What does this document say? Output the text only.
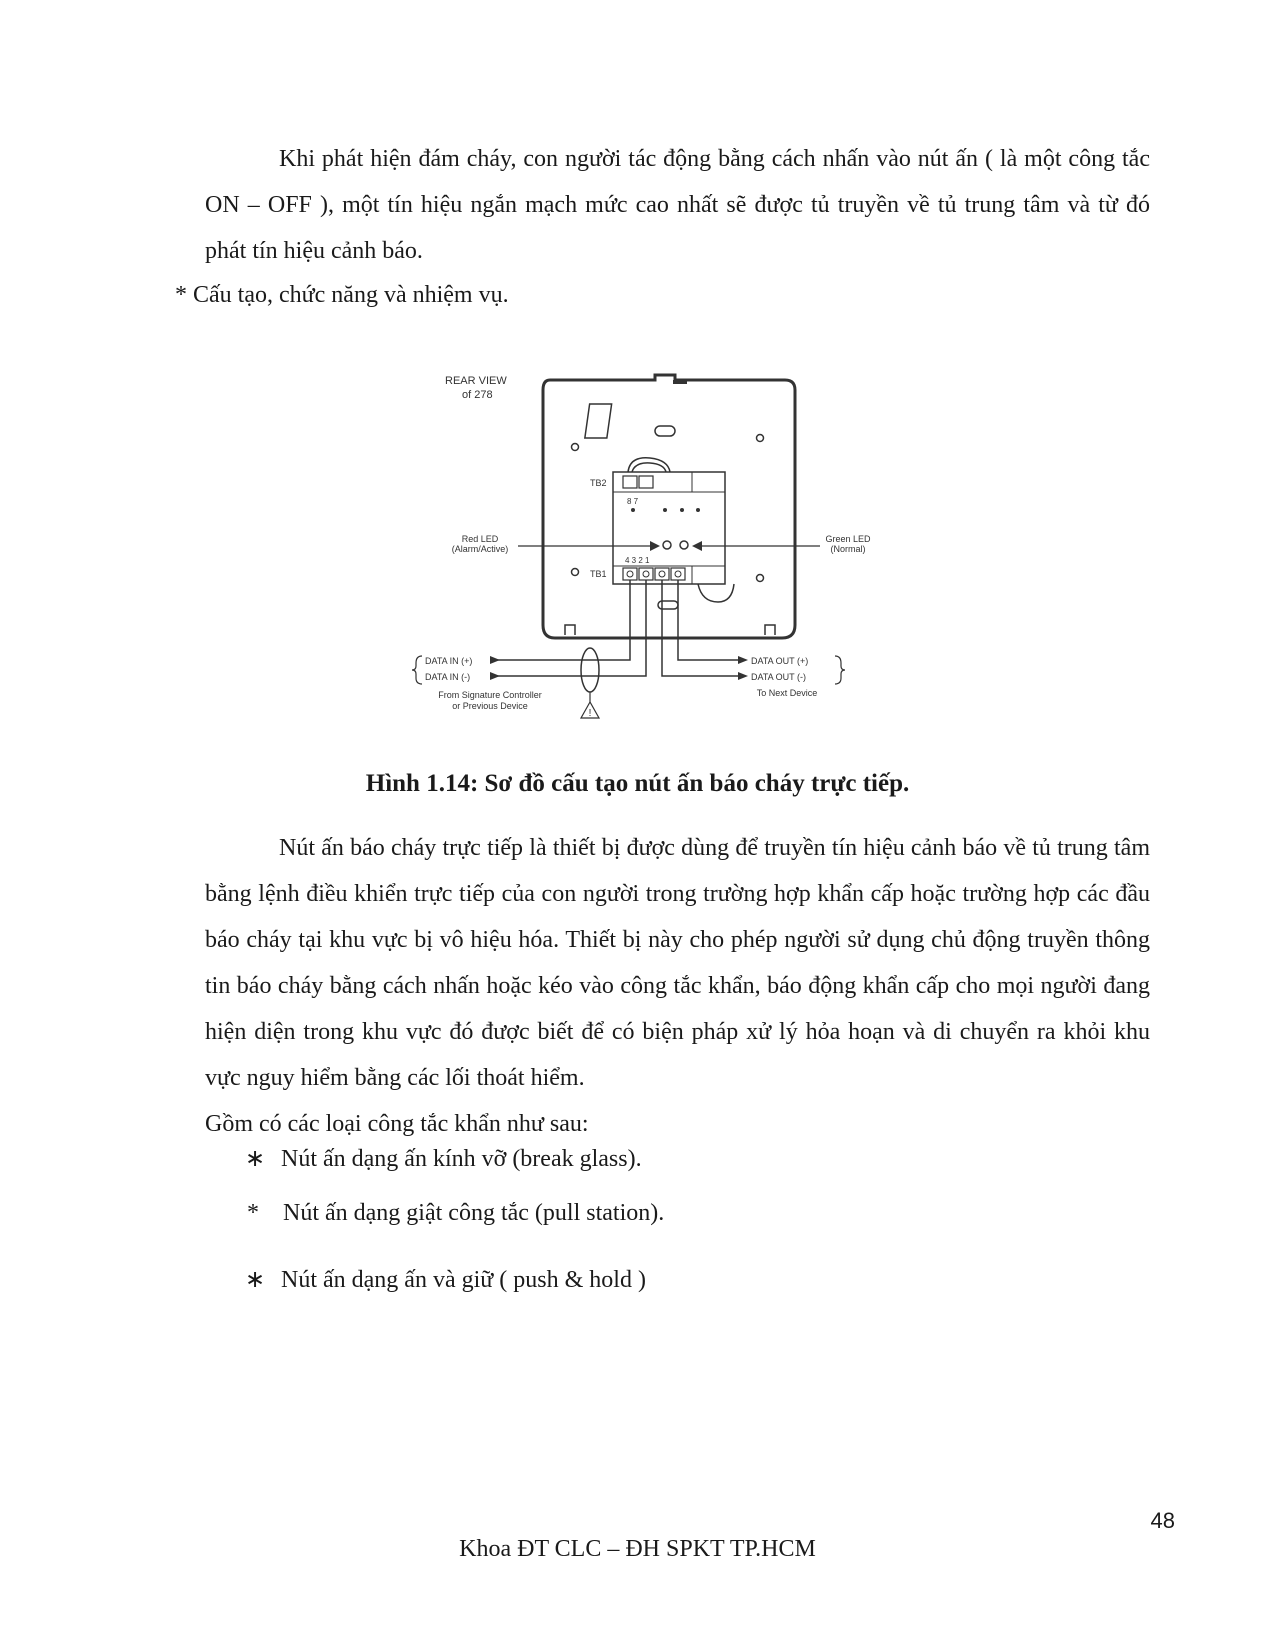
Khi phát hiện đám cháy, con người tác động bằng cách nhấn vào nút ấn ( là một công tắc ON – OFF ), một tín hiệu ngắn mạch mức cao nhất sẽ được tủ truyền về tủ trung tâm và từ đó phát tín hiệu cảnh báo.
* Cấu tạo, chức năng và nhiệm vụ.
!
REAR VIEW
of 278
TB2
TB1
8 7
4 3 2 1
Red LED
(Alarm/Active)
Green LED
(Normal)
DATA IN (+)
DATA IN (-)
DATA OUT (+)
DATA OUT (-)
From Signature Controller
or Previous Device
To Next Device
Hình 1.14: Sơ đồ cấu tạo nút ấn báo cháy trực tiếp.
Nút ấn báo cháy trực tiếp là thiết bị được dùng để truyền tín hiệu cảnh báo về tủ trung tâm bằng lệnh điều khiển trực tiếp của con người trong trường hợp khẩn cấp hoặc trường hợp các đầu báo cháy tại khu vực bị vô hiệu hóa. Thiết bị này cho phép người sử dụng chủ động truyền thông tin báo cháy bằng cách nhấn hoặc kéo vào công tắc khẩn, báo động khẩn cấp cho mọi người đang hiện diện trong khu vực đó được biết để có biện pháp xử lý hỏa hoạn và di chuyển ra khỏi khu vực nguy hiểm bằng các lối thoát hiểm.
Gồm có các loại công tắc khẩn như sau:
∗ Nút ấn dạng ấn kính vỡ (break glass).
* Nút ấn dạng giật công tắc (pull station).
∗ Nút ấn dạng ấn và giữ ( push & hold )
48
Khoa ĐT CLC – ĐH SPKT TP.HCM
